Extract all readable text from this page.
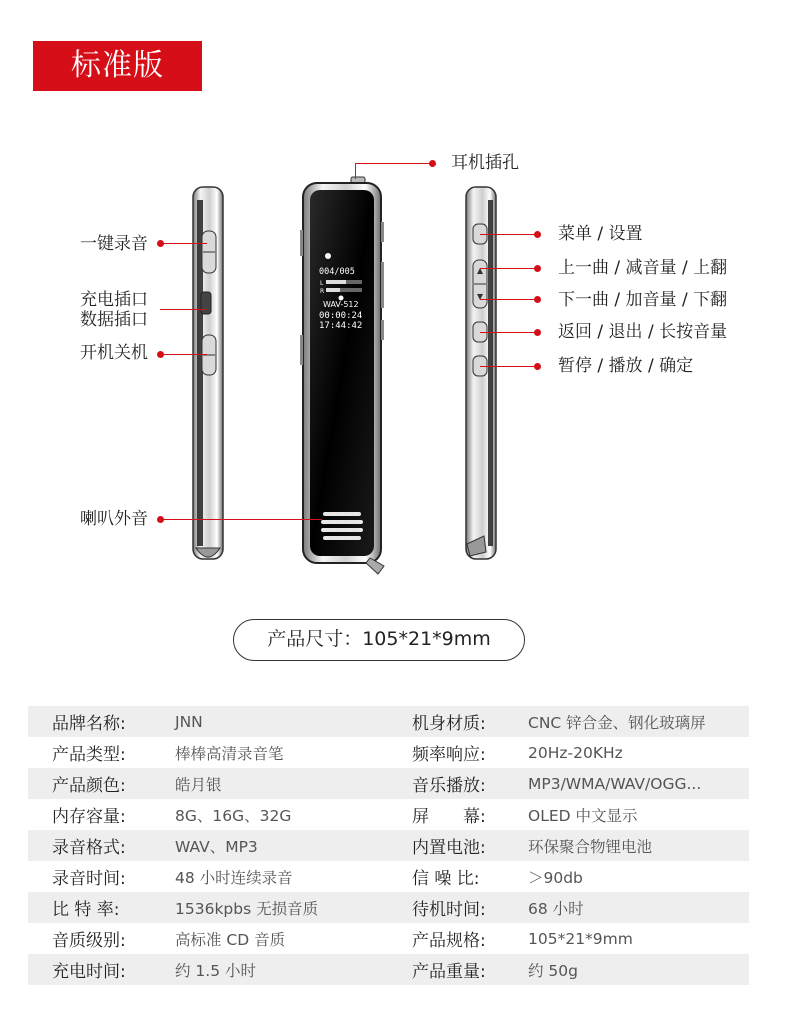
标准版
004/005
L
R
WAV-512
00:00:24
17:44:42
耳机插孔
一键录音
充电插口
数据插口
开机关机
喇叭外音
菜单 / 设置
上一曲 / 减音量 / 上翻
下一曲 / 加音量 / 下翻
返回 / 退出 / 长按音量
暂停 / 播放 / 确定
产品尺寸：105*21*9mm
品牌名称:	JNN	机身材质:	CNC 锌合金、钢化玻璃屏
产品类型:	棒棒高清录音笔	频率响应:	20Hz-20KHz
产品颜色:	皓月银	音乐播放:	MP3/WMA/WAV/OGG...
内存容量:	8G、16G、32G	屏　　幕:	OLED 中文显示
录音格式:	WAV、MP3	内置电池:	环保聚合物锂电池
录音时间:	48 小时连续录音	信 噪 比:	＞90db
比 特 率:	1536kpbs 无损音质	待机时间:	68 小时
音质级别:	高标准 CD 音质	产品规格:	105*21*9mm
充电时间:	约 1.5 小时	产品重量:	约 50g
